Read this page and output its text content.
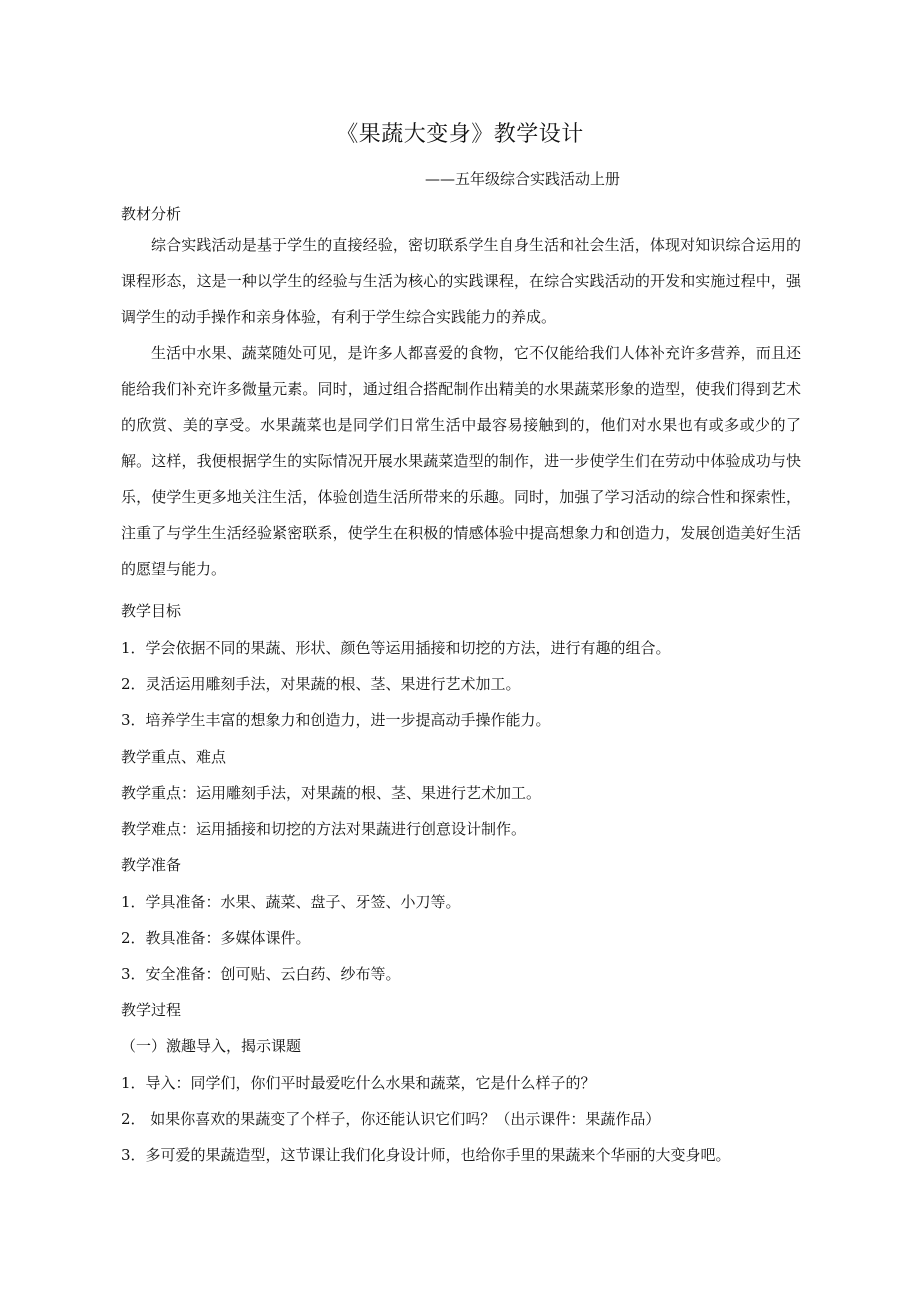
《果蔬大变身》教学设计
——五年级综合实践活动上册
教材分析
综合实践活动是基于学生的直接经验，密切联系学生自身生活和社会生活，体现对知识综合运用的课程形态，这是一种以学生的经验与生活为核心的实践课程，在综合实践活动的开发和实施过程中，强调学生的动手操作和亲身体验，有利于学生综合实践能力的养成。
生活中水果、蔬菜随处可见，是许多人都喜爱的食物，它不仅能给我们人体补充许多营养，而且还能给我们补充许多微量元素。同时，通过组合搭配制作出精美的水果蔬菜形象的造型，使我们得到艺术的欣赏、美的享受。水果蔬菜也是同学们日常生活中最容易接触到的，他们对水果也有或多或少的了解。这样，我便根据学生的实际情况开展水果蔬菜造型的制作，进一步使学生们在劳动中体验成功与快乐，使学生更多地关注生活，体验创造生活所带来的乐趣。同时，加强了学习活动的综合性和探索性，注重了与学生生活经验紧密联系，使学生在积极的情感体验中提高想象力和创造力，发展创造美好生活的愿望与能力。
教学目标
1．学会依据不同的果蔬、形状、颜色等运用插接和切挖的方法，进行有趣的组合。
2．灵活运用雕刻手法，对果蔬的根、茎、果进行艺术加工。
3．培养学生丰富的想象力和创造力，进一步提高动手操作能力。
教学重点、难点
教学重点：运用雕刻手法，对果蔬的根、茎、果进行艺术加工。
教学难点：运用插接和切挖的方法对果蔬进行创意设计制作。
教学准备
1．学具准备：水果、蔬菜、盘子、牙签、小刀等。
2．教具准备：多媒体课件。
3．安全准备：创可贴、云白药、纱布等。
教学过程
（一）激趣导入，揭示课题
1．导入：同学们，你们平时最爱吃什么水果和蔬菜，它是什么样子的？
2． 如果你喜欢的果蔬变了个样子，你还能认识它们吗？（出示课件：果蔬作品）
3．多可爱的果蔬造型，这节课让我们化身设计师，也给你手里的果蔬来个华丽的大变身吧。
